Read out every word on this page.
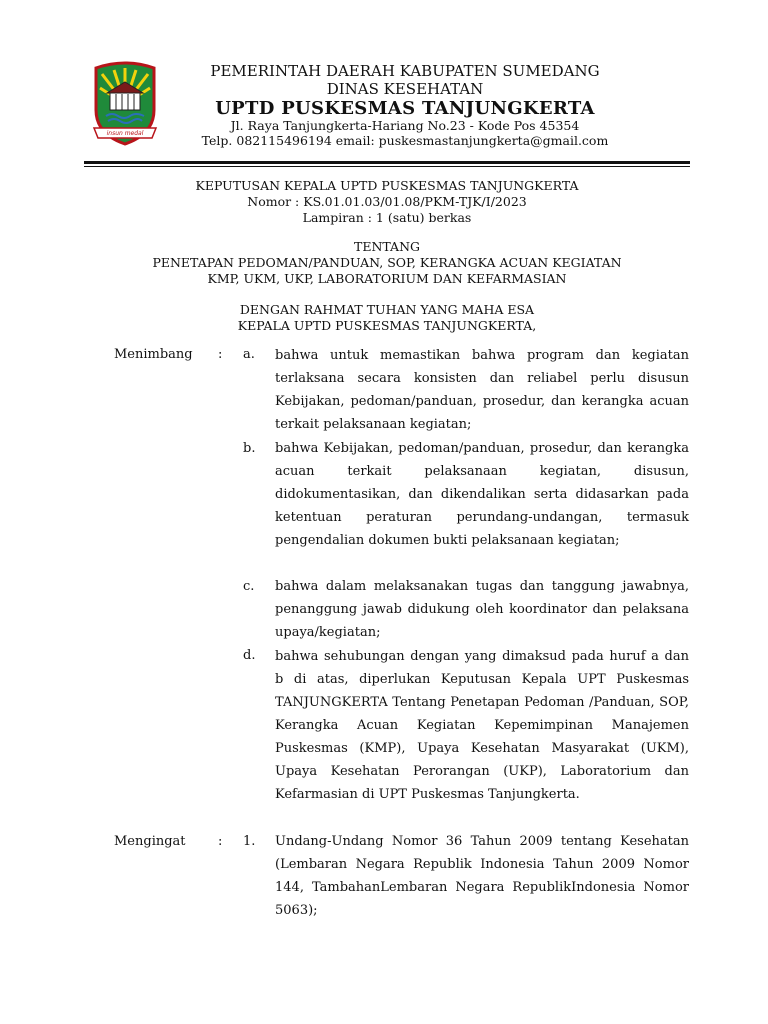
insun medal
PEMERINTAH DAERAH KABUPATEN SUMEDANG
DINAS KESEHATAN
UPTD PUSKESMAS TANJUNGKERTA
Jl. Raya Tanjungkerta-Hariang No.23 - Kode Pos 45354
Telp. 082115496194 email: puskesmastanjungkerta@gmail.com
KEPUTUSAN KEPALA UPTD PUSKESMAS TANJUNGKERTA
Nomor : KS.01.01.03/01.08/PKM-TJK/I/2023
Lampiran : 1 (satu) berkas
TENTANG
PENETAPAN PEDOMAN/PANDUAN, SOP, KERANGKA ACUAN KEGIATAN
KMP, UKM, UKP, LABORATORIUM DAN KEFARMASIAN
DENGAN RAHMAT TUHAN YANG MAHA ESA
KEPALA UPTD PUSKESMAS TANJUNGKERTA,
Menimbang : a. bahwa untuk memastikan bahwa program dan kegiatan terlaksana secara konsisten dan reliabel perlu disusun Kebijakan, pedoman/panduan, prosedur, dan kerangka acuan terkait pelaksanaan kegiatan;
b. bahwa Kebijakan, pedoman/panduan, prosedur, dan kerangka acuan terkait pelaksanaan kegiatan, disusun, didokumentasikan, dan dikendalikan serta didasarkan pada ketentuan peraturan perundang-undangan, termasuk pengendalian dokumen bukti pelaksanaan kegiatan;
c. bahwa dalam melaksanakan tugas dan tanggung jawabnya, penanggung jawab didukung oleh koordinator dan pelaksana upaya/kegiatan;
d. bahwa sehubungan dengan yang dimaksud pada huruf a dan b di atas, diperlukan Keputusan Kepala UPT Puskesmas TANJUNGKERTA Tentang Penetapan Pedoman /Panduan, SOP, Kerangka Acuan Kegiatan Kepemimpinan Manajemen Puskesmas (KMP), Upaya Kesehatan Masyarakat (UKM), Upaya Kesehatan Perorangan (UKP), Laboratorium dan Kefarmasian di UPT Puskesmas Tanjungkerta.
Mengingat : 1. Undang-Undang Nomor 36 Tahun 2009 tentang Kesehatan (Lembaran Negara Republik Indonesia Tahun 2009 Nomor 144, TambahanLembaran Negara RepublikIndonesia Nomor 5063);
